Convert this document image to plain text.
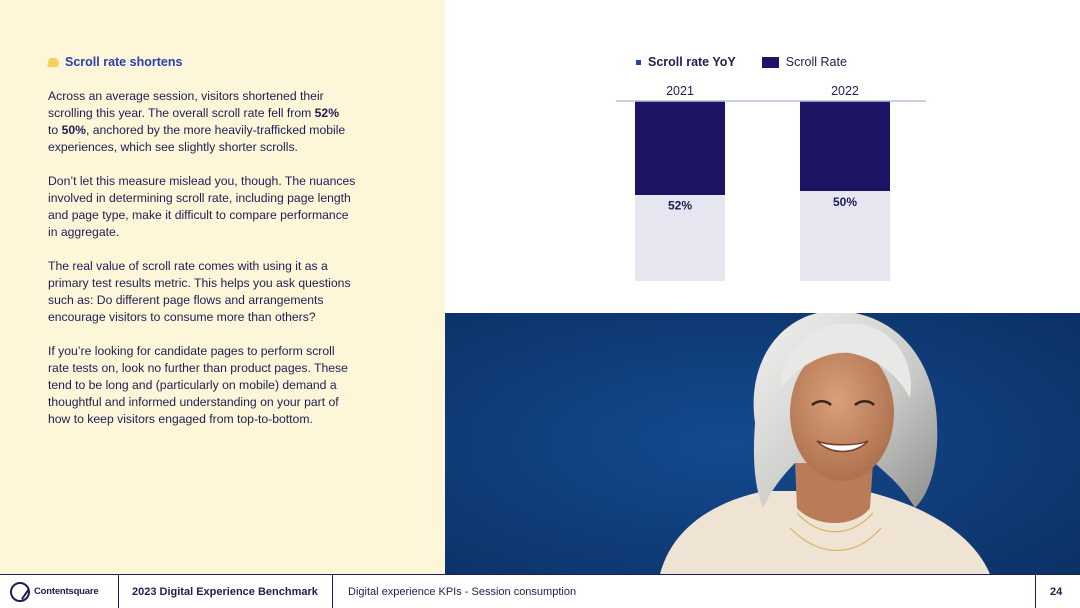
Scroll rate shortens

Across an average session, visitors shortened their scrolling this year. The overall scroll rate fell from 52%
to 50%, anchored by the more heavily-trafficked mobile experiences, which see slightly shorter scrolls.

Don’t let this measure mislead you, though. The nuances involved in determining scroll rate, including page length and page type, make it difficult to compare performance in aggregate.

The real value of scroll rate comes with using it as a primary test results metric. This helps you ask questions such as: Do different page flows and arrangements encourage visitors to consume more than others?

If you’re looking for candidate pages to perform scroll rate tests on, look no further than product pages. These tend to be long and (particularly on mobile) demand a thoughtful and informed understanding on your part of how to keep visitors engaged from top-to-bottom.

Scroll rate YoY	Scroll Rate
2021
52%
2022
50%
Contentsquare	2023 Digital Experience Benchmark	Digital experience KPIs - Session consumption	24
